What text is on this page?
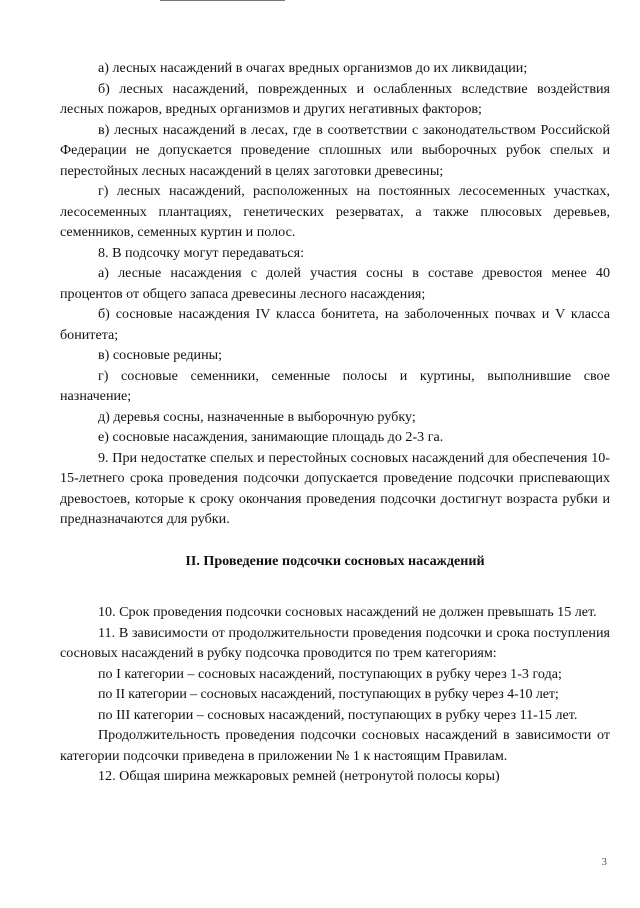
а) лесных насаждений в очагах вредных организмов до их ликвидации;

б) лесных насаждений, поврежденных и ослабленных вследствие воздействия лесных пожаров, вредных организмов и других негативных факторов;

в) лесных насаждений в лесах, где в соответствии с законодательством Российской Федерации не допускается проведение сплошных или выборочных рубок спелых и перестойных лесных насаждений в целях заготовки древесины;

г) лесных насаждений, расположенных на постоянных лесосеменных участках, лесосеменных плантациях, генетических резерватах, а также плюсовых деревьев, семенников, семенных куртин и полос.

8. В подсочку могут передаваться:

а) лесные насаждения с долей участия сосны в составе древостоя менее 40 процентов от общего запаса древесины лесного насаждения;

б) сосновые насаждения IV класса бонитета, на заболоченных почвах и V класса бонитета;

в) сосновые редины;

г) сосновые семенники, семенные полосы и куртины, выполнившие свое назначение;

д) деревья сосны, назначенные в выборочную рубку;

е) сосновые насаждения, занимающие площадь до 2-3 га.

9. При недостатке спелых и перестойных сосновых насаждений для обеспечения 10-15-летнего срока проведения подсочки допускается проведение подсочки приспевающих древостоев, которые к сроку окончания проведения подсочки достигнут возраста рубки и предназначаются для рубки.

II. Проведение подсочки сосновых насаждений

10. Срок проведения подсочки сосновых насаждений не должен превышать 15 лет.

11. В зависимости от продолжительности проведения подсочки и срока поступления сосновых насаждений в рубку подсочка проводится по трем категориям:

по I категории – сосновых насаждений, поступающих в рубку через 1-3 года;

по II категории – сосновых насаждений, поступающих в рубку через 4-10 лет;

по III категории – сосновых насаждений, поступающих в рубку через 11-15 лет.

Продолжительность проведения подсочки сосновых насаждений в зависимости от категории подсочки приведена в приложении № 1 к настоящим Правилам.

12. Общая ширина межкаровых ремней (нетронутой полосы коры)

3
